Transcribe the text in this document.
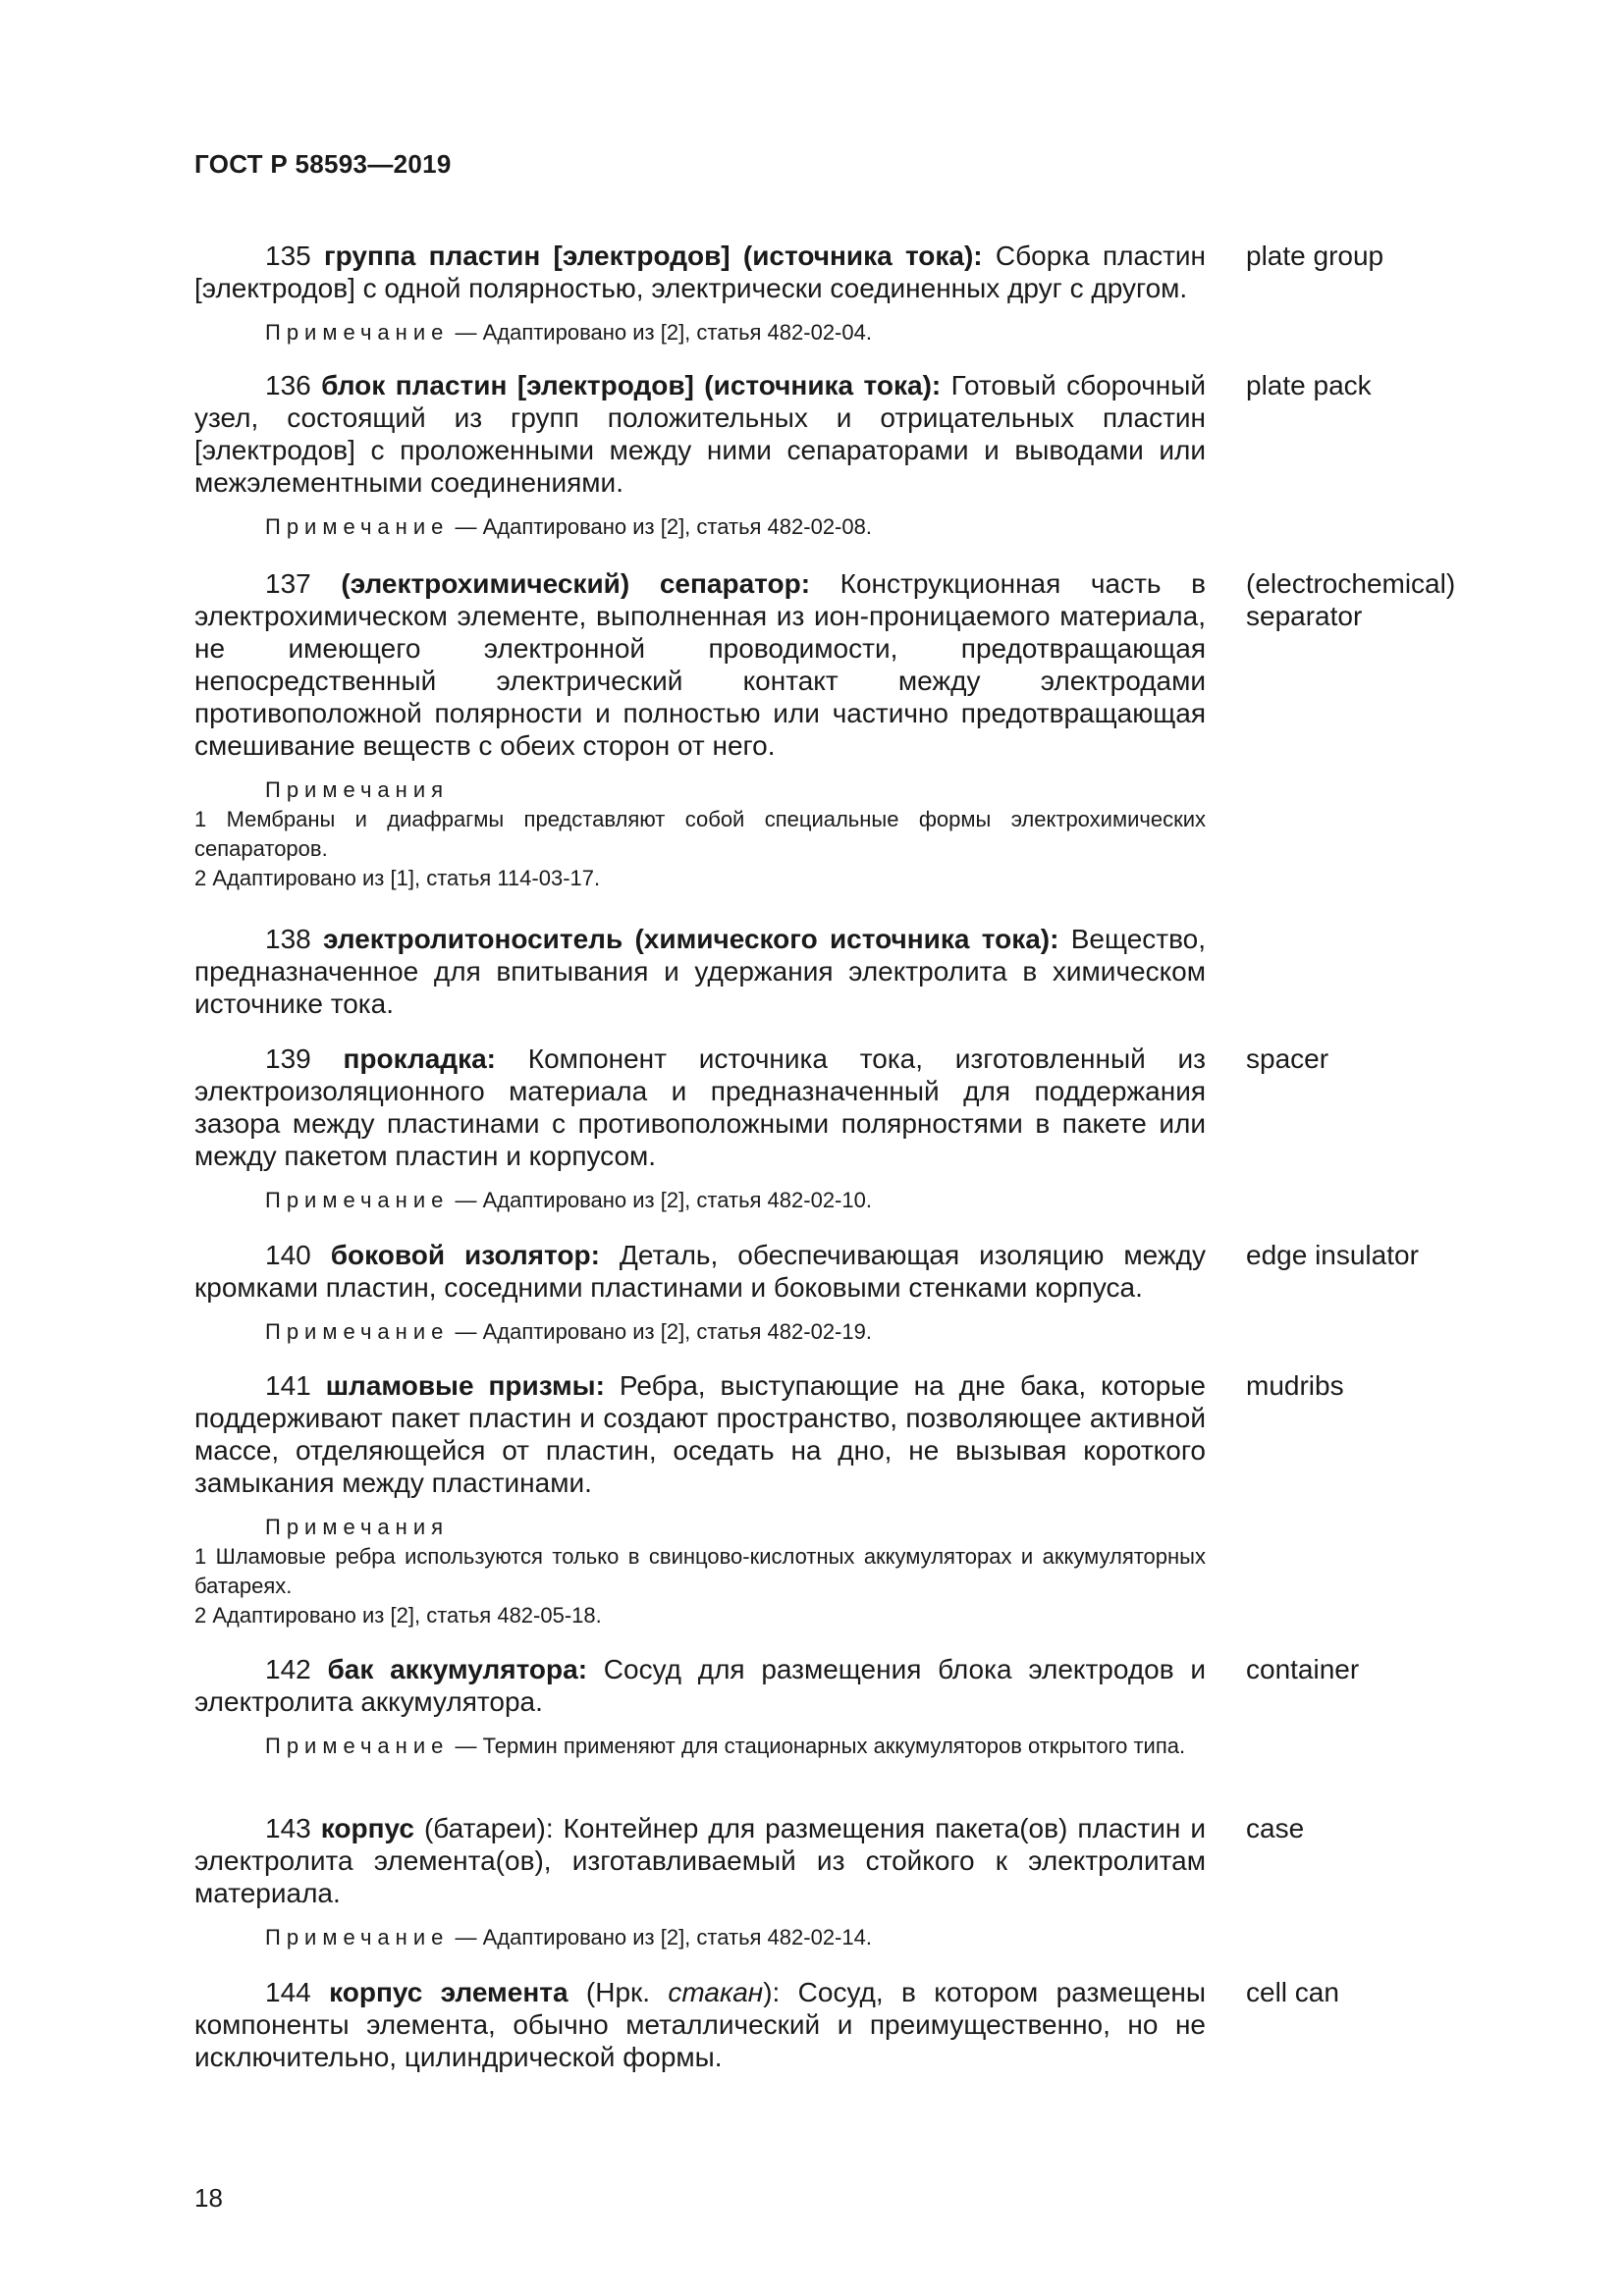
ГОСТ Р 58593—2019
135 группа пластин [электродов] (источника тока): Сборка пластин [электродов] с одной полярностью, электрически соединенных друг с другом.
plate group
Примечание — Адаптировано из [2], статья 482-02-04.
136 блок пластин [электродов] (источника тока): Готовый сборочный узел, состоящий из групп положительных и отрицательных пластин [электродов] с проложенными между ними сепараторами и выводами или межэлементными соединениями.
plate pack
Примечание — Адаптировано из [2], статья 482-02-08.
137 (электрохимический) сепаратор: Конструкционная часть в электрохимическом элементе, выполненная из ион-проницаемого материала, не имеющего электронной проводимости, предотвращающая непосредственный электрический контакт между электродами противоположной полярности и полностью или частично предотвращающая смешивание веществ с обеих сторон от него.
(electrochemical) separator
Примечания
1 Мембраны и диафрагмы представляют собой специальные формы электрохимических сепараторов.
2 Адаптировано из [1], статья 114-03-17.
138 электролитоноситель (химического источника тока): Вещество, предназначенное для впитывания и удержания электролита в химическом источнике тока.
139 прокладка: Компонент источника тока, изготовленный из электроизоляционного материала и предназначенный для поддержания зазора между пластинами с противоположными полярностями в пакете или между пакетом пластин и корпусом.
spacer
Примечание — Адаптировано из [2], статья 482-02-10.
140 боковой изолятор: Деталь, обеспечивающая изоляцию между кромками пластин, соседними пластинами и боковыми стенками корпуса.
edge insulator
Примечание — Адаптировано из [2], статья 482-02-19.
141 шламовые призмы: Ребра, выступающие на дне бака, которые поддерживают пакет пластин и создают пространство, позволяющее активной массе, отделяющейся от пластин, оседать на дно, не вызывая короткого замыкания между пластинами.
mudribs
Примечания
1 Шламовые ребра используются только в свинцово-кислотных аккумуляторах и аккумуляторных батареях.
2 Адаптировано из [2], статья 482-05-18.
142 бак аккумулятора: Сосуд для размещения блока электродов и электролита аккумулятора.
container
Примечание — Термин применяют для стационарных аккумуляторов открытого типа.
143 корпус (батареи): Контейнер для размещения пакета(ов) пластин и электролита элемента(ов), изготавливаемый из стойкого к электролитам материала.
case
Примечание — Адаптировано из [2], статья 482-02-14.
144 корпус элемента (Нрк. стакан): Сосуд, в котором размещены компоненты элемента, обычно металлический и преимущественно, но не исключительно, цилиндрической формы.
cell can
18
